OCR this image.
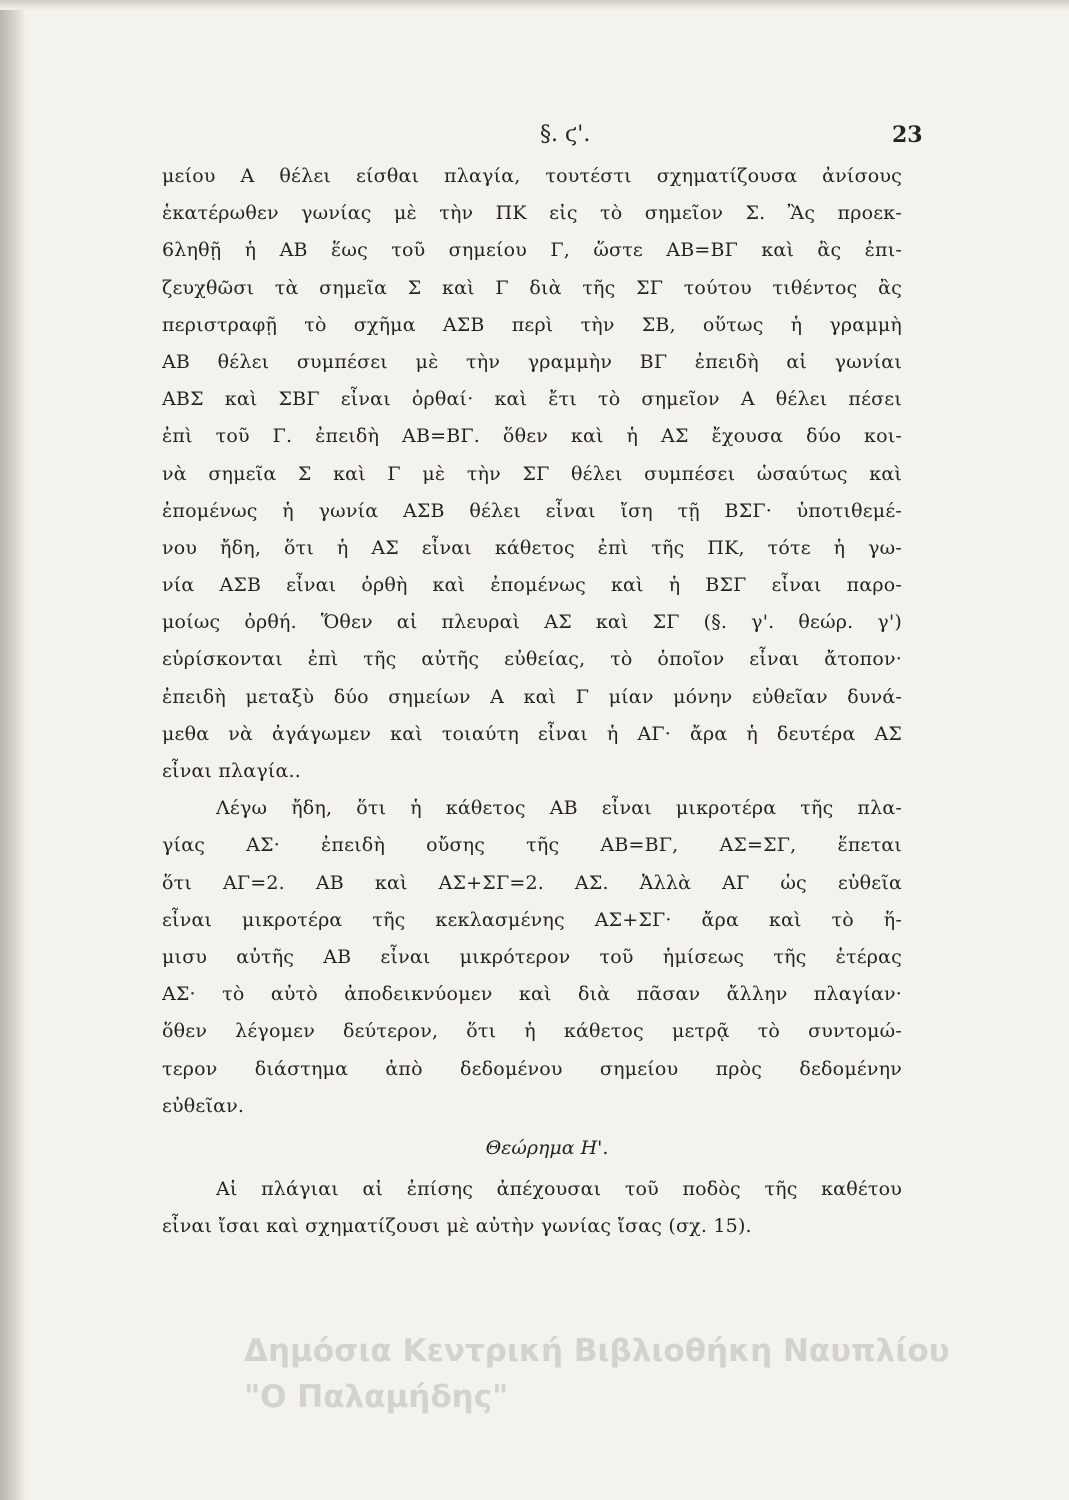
§. ϛ'.	23
μείου Α θέλει είσθαι πλαγία, τουτέστι σχηματίζουσα ἀνίσους
ἑκατέρωθεν γωνίας μὲ τὴν ΠΚ εἰς τὸ σημεῖον Σ. Ἂς προεκ-
6ληθῇ ἡ ΑΒ ἕως τοῦ σημείου Γ, ὥστε ΑΒ=ΒΓ καὶ ἂς ἐπι-
ζευχθῶσι τὰ σημεῖα Σ καὶ Γ διὰ τῆς ΣΓ τούτου τιθέντος ἂς
περιστραφῇ τὸ σχῆμα ΑΣΒ περὶ τὴν ΣΒ, οὕτως ἡ γραμμὴ
ΑΒ θέλει συμπέσει μὲ τὴν γραμμὴν ΒΓ ἐπειδὴ αἱ γωνίαι
ΑΒΣ καὶ ΣΒΓ εἶναι ὀρθαί· καὶ ἔτι τὸ σημεῖον Α θέλει πέσει
ἐπὶ τοῦ Γ. ἐπειδὴ ΑΒ=ΒΓ. ὅθεν καὶ ἡ ΑΣ ἔχουσα δύο κοι-
νὰ σημεῖα Σ καὶ Γ μὲ τὴν ΣΓ θέλει συμπέσει ὡσαύτως καὶ
ἐπομένως ἡ γωνία ΑΣΒ θέλει εἶναι ἴση τῇ ΒΣΓ· ὑποτιθεμέ-
νου ἤδη, ὅτι ἡ ΑΣ εἶναι κάθετος ἐπὶ τῆς ΠΚ, τότε ἡ γω-
νία ΑΣΒ εἶναι ὀρθὴ καὶ ἐπομένως καὶ ἡ ΒΣΓ εἶναι παρο-
μοίως ὀρθή. Ὅθεν αἱ πλευραὶ ΑΣ καὶ ΣΓ (§. γ'. θεώρ. γ')
εὑρίσκονται ἐπὶ τῆς αὐτῆς εὐθείας, τὸ ὁποῖον εἶναι ἄτοπον·
ἐπειδὴ μεταξὺ δύο σημείων Α καὶ Γ μίαν μόνην εὐθεῖαν δυνά-
μεθα νὰ ἀγάγωμεν καὶ τοιαύτη εἶναι ἡ ΑΓ· ἄρα ἡ δευτέρα ΑΣ
εἶναι πλαγία..
Λέγω ἤδη, ὅτι ἡ κάθετος ΑΒ εἶναι μικροτέρα τῆς πλα-
γίας ΑΣ· ἐπειδὴ οὔσης τῆς ΑΒ=ΒΓ, ΑΣ=ΣΓ, ἕπεται
ὅτι ΑΓ=2. ΑΒ καὶ ΑΣ+ΣΓ=2. ΑΣ. Ἀλλὰ ΑΓ ὡς εὐθεῖα
εἶναι μικροτέρα τῆς κεκλασμένης ΑΣ+ΣΓ· ἄρα καὶ τὸ ἥ-
μισυ αὐτῆς ΑΒ εἶναι μικρότερον τοῦ ἡμίσεως τῆς ἑτέρας
ΑΣ· τὸ αὐτὸ ἀποδεικνύομεν καὶ διὰ πᾶσαν ἄλλην πλαγίαν·
ὅθεν λέγομεν δεύτερον, ὅτι ἡ κάθετος μετρᾷ τὸ συντομώ-
τερον διάστημα ἀπὸ δεδομένου σημείου πρὸς δεδομένην
εὐθεῖαν.
Θεώρημα Η'.
Αἱ πλάγιαι αἱ ἐπίσης ἀπέχουσαι τοῦ ποδὸς τῆς καθέτου
εἶναι ἴσαι καὶ σχηματίζουσι μὲ αὐτὴν γωνίας ἴσας (σχ. 15).
Δημόσια Κεντρική Βιβλιοθήκη Ναυπλίου
"Ο Παλαμήδης"
